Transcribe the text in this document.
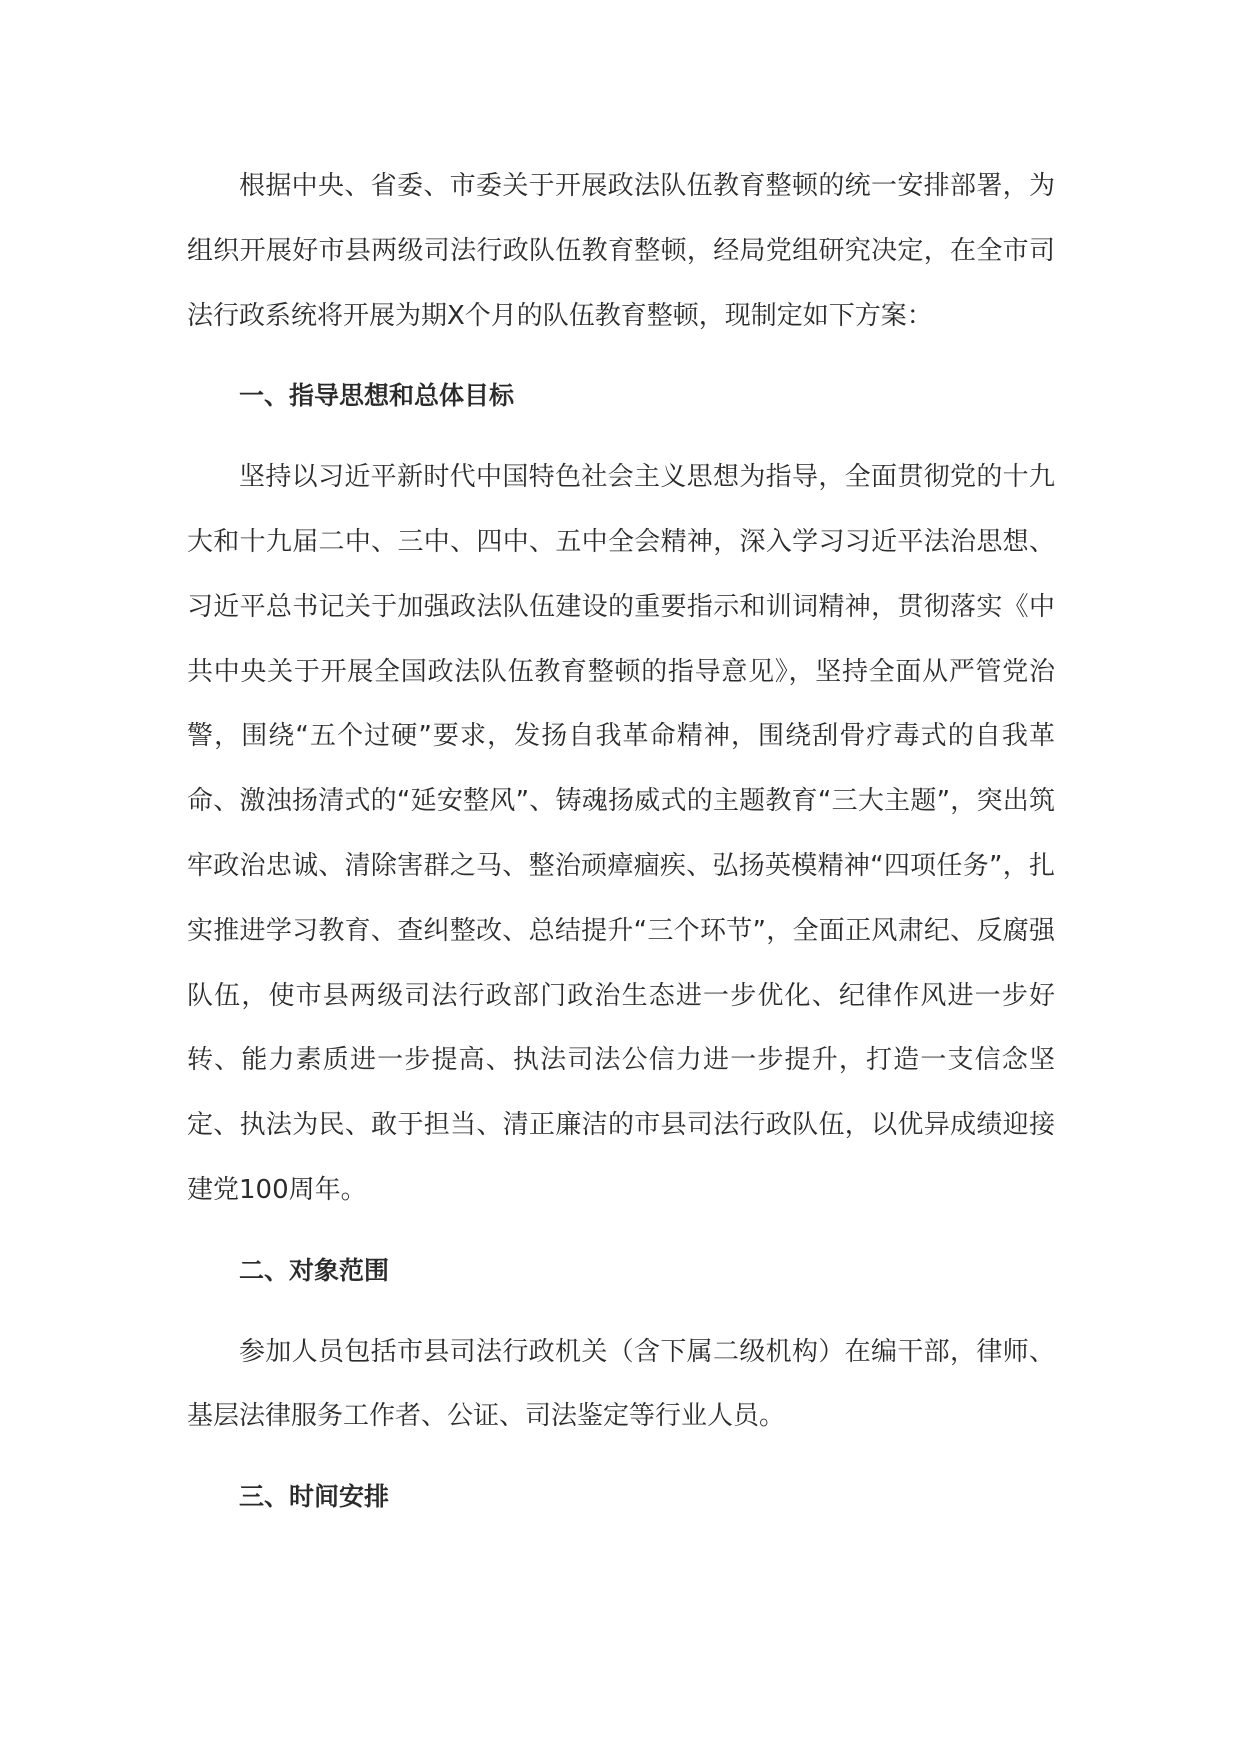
根据中央、省委、市委关于开展政法队伍教育整顿的统一安排部署，为组织开展好市县两级司法行政队伍教育整顿，经局党组研究决定，在全市司法行政系统将开展为期X个月的队伍教育整顿，现制定如下方案：

一、指导思想和总体目标

坚持以习近平新时代中国特色社会主义思想为指导，全面贯彻党的十九大和十九届二中、三中、四中、五中全会精神，深入学习习近平法治思想、习近平总书记关于加强政法队伍建设的重要指示和训词精神，贯彻落实《中共中央关于开展全国政法队伍教育整顿的指导意见》，坚持全面从严管党治警，围绕“五个过硬”要求，发扬自我革命精神，围绕刮骨疗毒式的自我革命、激浊扬清式的“延安整风”、铸魂扬威式的主题教育“三大主题”，突出筑牢政治忠诚、清除害群之马、整治顽瘴痼疾、弘扬英模精神“四项任务”，扎实推进学习教育、查纠整改、总结提升“三个环节”，全面正风肃纪、反腐强队伍，使市县两级司法行政部门政治生态进一步优化、纪律作风进一步好转、能力素质进一步提高、执法司法公信力进一步提升，打造一支信念坚定、执法为民、敢于担当、清正廉洁的市县司法行政队伍，以优异成绩迎接建党100周年。

二、对象范围

参加人员包括市县司法行政机关（含下属二级机构）在编干部，律师、基层法律服务工作者、公证、司法鉴定等行业人员。

三、时间安排
